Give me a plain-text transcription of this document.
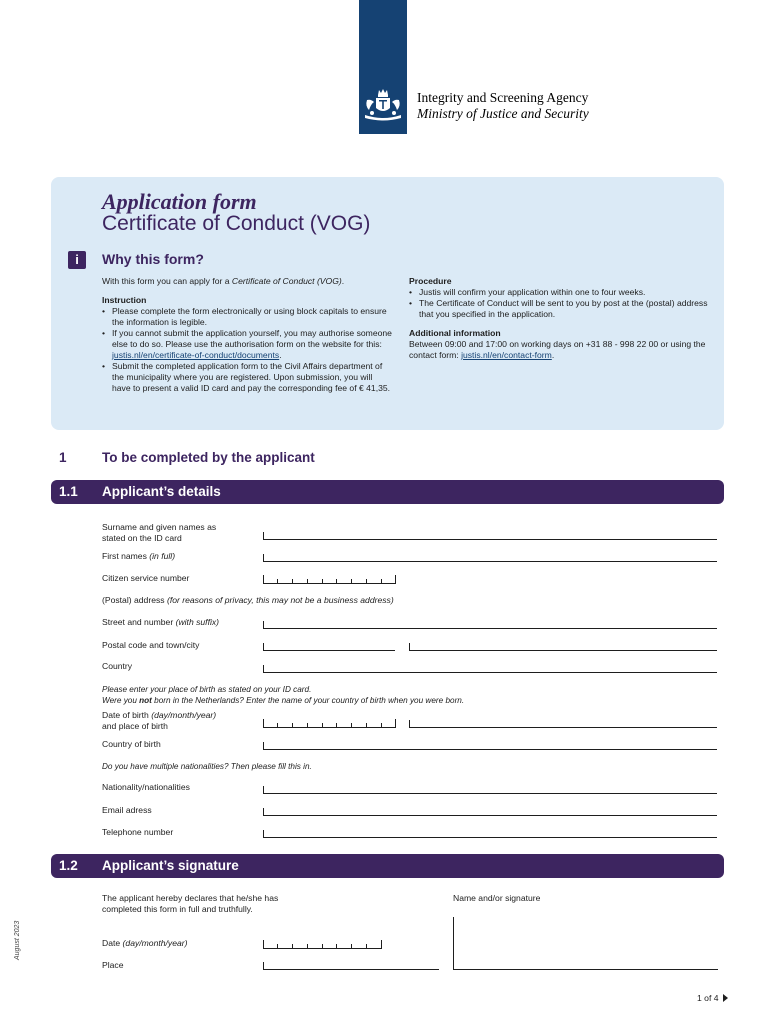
Integrity and Screening Agency
Ministry of Justice and Security
Application form
Certificate of Conduct (VOG)
i	Why this form?
With this form you can apply for a Certificate of Conduct (VOG).
Instruction
• Please complete the form electronically or using block capitals to ensure the information is legible.
• If you cannot submit the application yourself, you may authorise someone else to do so. Please use the authorisation form on the website for this: justis.nl/en/certificate-of-conduct/documents.
• Submit the completed application form to the Civil Affairs department of the municipality where you are registered. Upon submission, you will have to present a valid ID card and pay the corresponding fee of € 41,35.
Procedure
• Justis will confirm your application within one to four weeks.
• The Certificate of Conduct will be sent to you by post at the (postal) address that you specified in the application.
Additional information
Between 09:00 and 17:00 on working days on +31 88 - 998 22 00 or using the contact form: justis.nl/en/contact-form.
1	To be completed by the applicant
1.1 Applicant’s details
Surname and given names as
stated on the ID card
First names (in full)
Citizen service number
(Postal) address (for reasons of privacy, this may not be a business address)
Street and number (with suffix)
Postal code and town/city
Country
Please enter your place of birth as stated on your ID card.
Were you not born in the Netherlands? Enter the name of your country of birth when you were born.
Date of birth (day/month/year)
and place of birth
Country of birth
Do you have multiple nationalities? Then please fill this in.
Nationality/nationalities
Email adress
Telephone number
1.2 Applicant’s signature
The applicant hereby declares that he/she has
completed this form in full and truthfully.
Name and/or signature
Date (day/month/year)
Place
August 2023
1 of 4
